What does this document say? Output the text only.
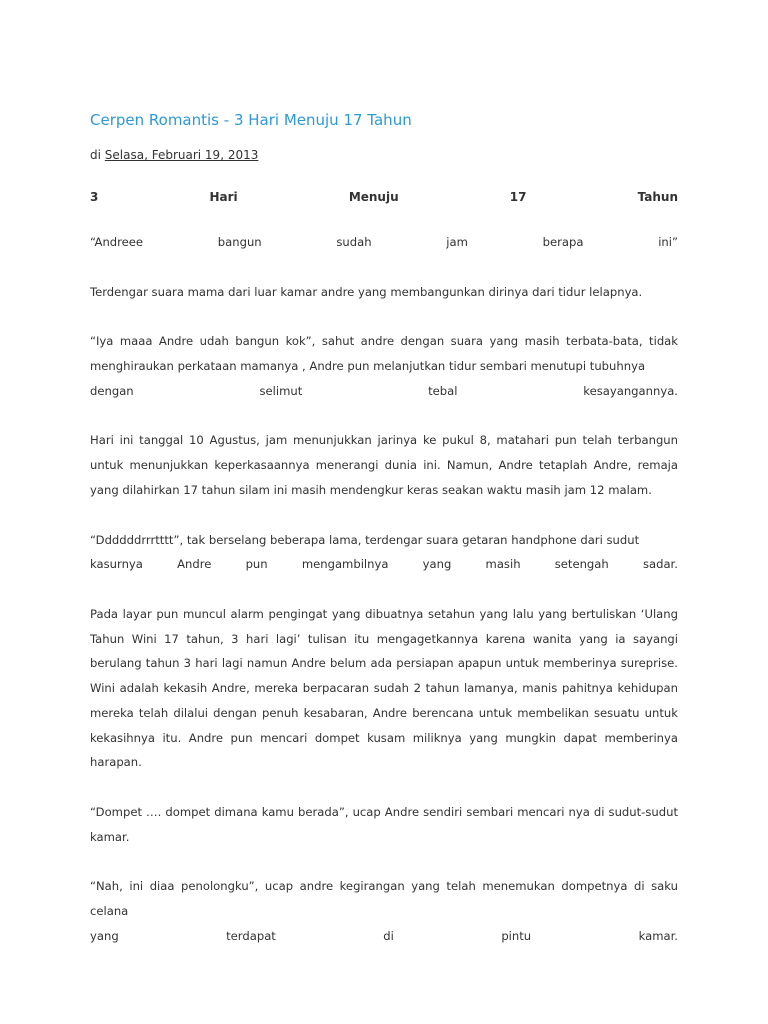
Cerpen Romantis - 3 Hari Menuju 17 Tahun
di Selasa, Februari 19, 2013
3	Hari	Menuju	17	Tahun
“Andreee	bangun	sudah	jam	berapa	ini”

Terdengar suara mama dari luar kamar andre yang membangunkan dirinya dari tidur lelapnya.

“Iya maaa Andre udah bangun kok”, sahut andre dengan suara yang masih terbata-bata, tidak menghiraukan perkataan mamanya , Andre pun melanjutkan tidur sembari menutupi tubuhnya

dengan	selimut	tebal	kesayangannya.

Hari ini tanggal 10 Agustus, jam menunjukkan jarinya ke pukul 8, matahari pun telah terbangun untuk menunjukkan keperkasaannya menerangi dunia ini. Namun, Andre tetaplah Andre, remaja yang dilahirkan 17 tahun silam ini masih mendengkur keras seakan waktu masih jam 12 malam.

“Ddddddrrrtttt”, tak berselang beberapa lama, terdengar suara getaran handphone dari sudut

kasurnya	Andre	pun	mengambilnya	yang	masih	setengah	sadar.

Pada layar pun muncul alarm pengingat yang dibuatnya setahun yang lalu yang bertuliskan ‘Ulang Tahun Wini 17 tahun, 3 hari lagi’ tulisan itu mengagetkannya karena wanita yang ia sayangi berulang tahun 3 hari lagi namun Andre belum ada persiapan apapun untuk memberinya sureprise. Wini adalah kekasih Andre, mereka berpacaran sudah 2 tahun lamanya, manis pahitnya kehidupan mereka telah dilalui dengan penuh kesabaran, Andre berencana untuk membelikan sesuatu untuk kekasihnya itu. Andre pun mencari dompet kusam miliknya yang mungkin dapat memberinya harapan.

“Dompet …. dompet dimana kamu berada”, ucap Andre sendiri sembari mencari nya di sudut-sudut kamar.

“Nah, ini diaa penolongku”, ucap andre kegirangan yang telah menemukan dompetnya di saku celana

yang	terdapat	di	pintu	kamar.
